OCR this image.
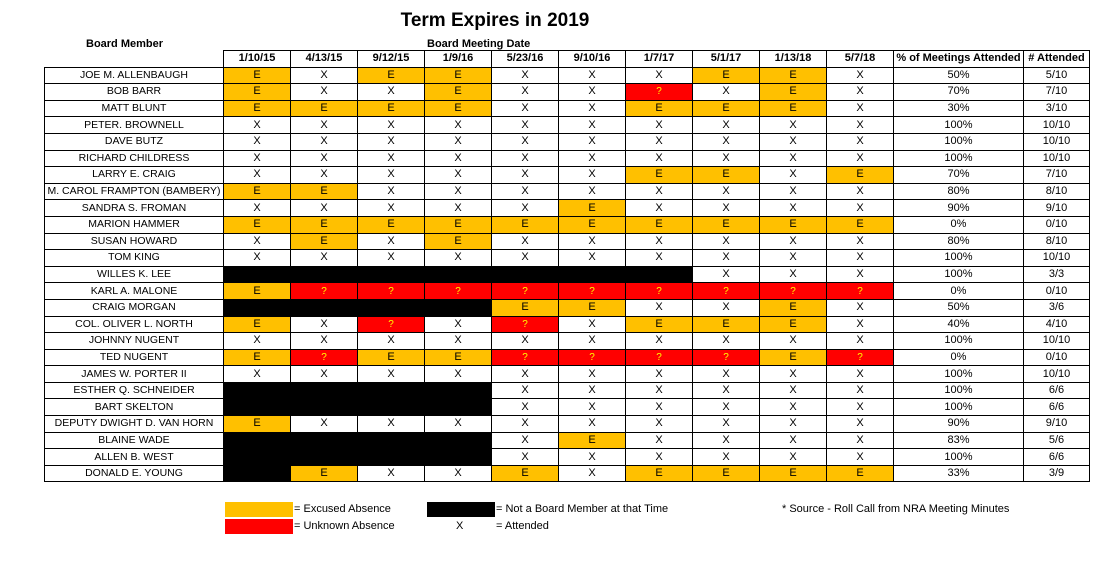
Term Expires in 2019
Board Member	Board Meeting Date
	1/10/15	4/13/15	9/12/15	1/9/16	5/23/16	9/10/16	1/7/17	5/1/17	1/13/18	5/7/18	% of Meetings Attended	# Attended
JOE M. ALLENBAUGH	E	X	E	E	X	X	X	E	E	X	50%	5/10
BOB BARR	E	X	X	E	X	X	?	X	E	X	70%	7/10
MATT BLUNT	E	E	E	E	X	X	E	E	E	X	30%	3/10
PETER. BROWNELL	X	X	X	X	X	X	X	X	X	X	100%	10/10
DAVE BUTZ	X	X	X	X	X	X	X	X	X	X	100%	10/10
RICHARD CHILDRESS	X	X	X	X	X	X	X	X	X	X	100%	10/10
LARRY E. CRAIG	X	X	X	X	X	X	E	E	X	E	70%	7/10
M. CAROL FRAMPTON (BAMBERY)	E	E	X	X	X	X	X	X	X	X	80%	8/10
SANDRA S. FROMAN	X	X	X	X	X	E	X	X	X	X	90%	9/10
MARION HAMMER	E	E	E	E	E	E	E	E	E	E	0%	0/10
SUSAN HOWARD	X	E	X	E	X	X	X	X	X	X	80%	8/10
TOM KING	X	X	X	X	X	X	X	X	X	X	100%	10/10
WILLES K. LEE								X	X	X	100%	3/3
KARL A. MALONE	E	?	?	?	?	?	?	?	?	?	0%	0/10
CRAIG MORGAN					E	E	X	X	E	X	50%	3/6
COL. OLIVER L. NORTH	E	X	?	X	?	X	E	E	E	X	40%	4/10
JOHNNY NUGENT	X	X	X	X	X	X	X	X	X	X	100%	10/10
TED NUGENT	E	?	E	E	?	?	?	?	E	?	0%	0/10
JAMES W. PORTER II	X	X	X	X	X	X	X	X	X	X	100%	10/10
ESTHER Q. SCHNEIDER					X	X	X	X	X	X	100%	6/6
BART SKELTON					X	X	X	X	X	X	100%	6/6
DEPUTY DWIGHT D. VAN HORN	E	X	X	X	X	X	X	X	X	X	90%	9/10
BLAINE WADE					X	E	X	X	X	X	83%	5/6
ALLEN B. WEST					X	X	X	X	X	X	100%	6/6
DONALD E. YOUNG		E	X	X	E	X	E	E	E	E	33%	3/9
= Excused Absence
= Unknown Absence
= Not a Board Member at that Time
X	= Attended
* Source - Roll Call from NRA Meeting Minutes
